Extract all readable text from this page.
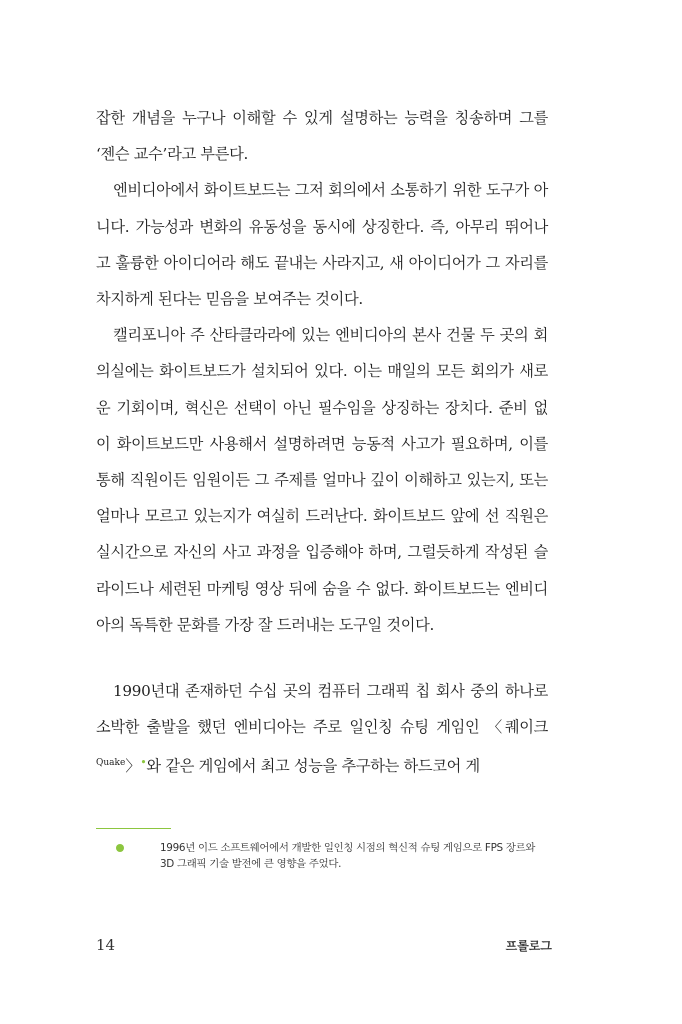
잡한 개념을 누구나 이해할 수 있게 설명하는 능력을 칭송하며 그를 ‘젠슨 교수’라고 부른다.

엔비디아에서 화이트보드는 그저 회의에서 소통하기 위한 도구가 아니다. 가능성과 변화의 유동성을 동시에 상징한다. 즉, 아무리 뛰어나고 훌륭한 아이디어라 해도 끝내는 사라지고, 새 아이디어가 그 자리를 차지하게 된다는 믿음을 보여주는 것이다.

캘리포니아 주 산타클라라에 있는 엔비디아의 본사 건물 두 곳의 회의실에는 화이트보드가 설치되어 있다. 이는 매일의 모든 회의가 새로운 기회이며, 혁신은 선택이 아닌 필수임을 상징하는 장치다. 준비 없이 화이트보드만 사용해서 설명하려면 능동적 사고가 필요하며, 이를 통해 직원이든 임원이든 그 주제를 얼마나 깊이 이해하고 있는지, 또는 얼마나 모르고 있는지가 여실히 드러난다. 화이트보드 앞에 선 직원은 실시간으로 자신의 사고 과정을 입증해야 하며, 그럴듯하게 작성된 슬라이드나 세련된 마케팅 영상 뒤에 숨을 수 없다. 화이트보드는 엔비디아의 독특한 문화를 가장 잘 드러내는 도구일 것이다.

1990년대 존재하던 수십 곳의 컴퓨터 그래픽 칩 회사 중의 하나로 소박한 출발을 했던 엔비디아는 주로 일인칭 슈팅 게임인 〈퀘이크$^{Quake}$〉•와 같은 게임에서 최고 성능을 추구하는 하드코어 게

1996년 이드 소프트웨어에서 개발한 일인칭 시점의 혁신적 슈팅 게임으로 FPS 장르와 3D 그래픽 기술 발전에 큰 영향을 주었다.
14	프롤로그
